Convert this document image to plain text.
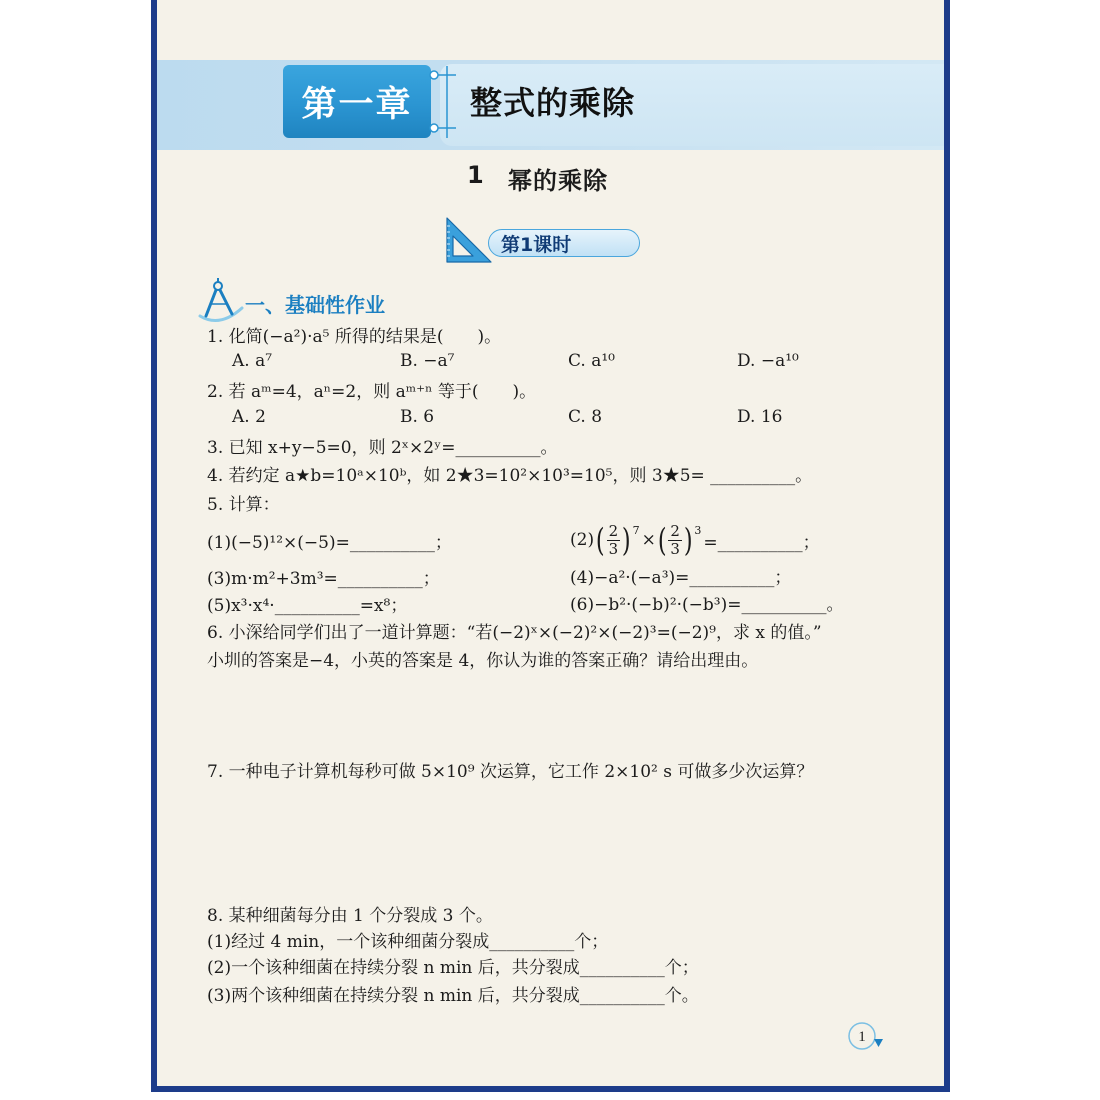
第一章 整式的乘除
1 幂的乘除
第1课时
一、基础性作业
1. 化简(−a²)·a⁵ 所得的结果是(　　)。
A. a⁷	B. −a⁷	C. a¹⁰	D. −a¹⁰
2. 若 aᵐ=4，aⁿ=2，则 aᵐ⁺ⁿ 等于(　　)。
A. 2	B. 6	C. 8	D. 16
3. 已知 x+y−5=0，则 2ˣ×2ʸ=__________。
4. 若约定 a★b=10ᵃ×10ᵇ，如 2★3=10²×10³=10⁵，则 3★5= __________。
5. 计算：
(1)(−5)¹²×(−5)=__________；	(2) ( $\frac{2}{3}$ ) 7 × ( $\frac{2}{3}$ ) 3
=__________；
(3)m·m²+3m³=__________；	(4)−a²·(−a³)=__________；
(5)x³·x⁴·__________=x⁸；	(6)−b²·(−b)²·(−b³)=__________。
6. 小深给同学们出了一道计算题：“若(−2)ˣ×(−2)²×(−2)³=(−2)⁹，求 x 的值。”
小圳的答案是−4，小英的答案是 4，你认为谁的答案正确？请给出理由。
7. 一种电子计算机每秒可做 5×10⁹ 次运算，它工作 2×10² s 可做多少次运算？
8. 某种细菌每分由 1 个分裂成 3 个。
(1)经过 4 min，一个该种细菌分裂成__________个；
(2)一个该种细菌在持续分裂 n min 后，共分裂成__________个；
(3)两个该种细菌在持续分裂 n min 后，共分裂成__________个。
1
